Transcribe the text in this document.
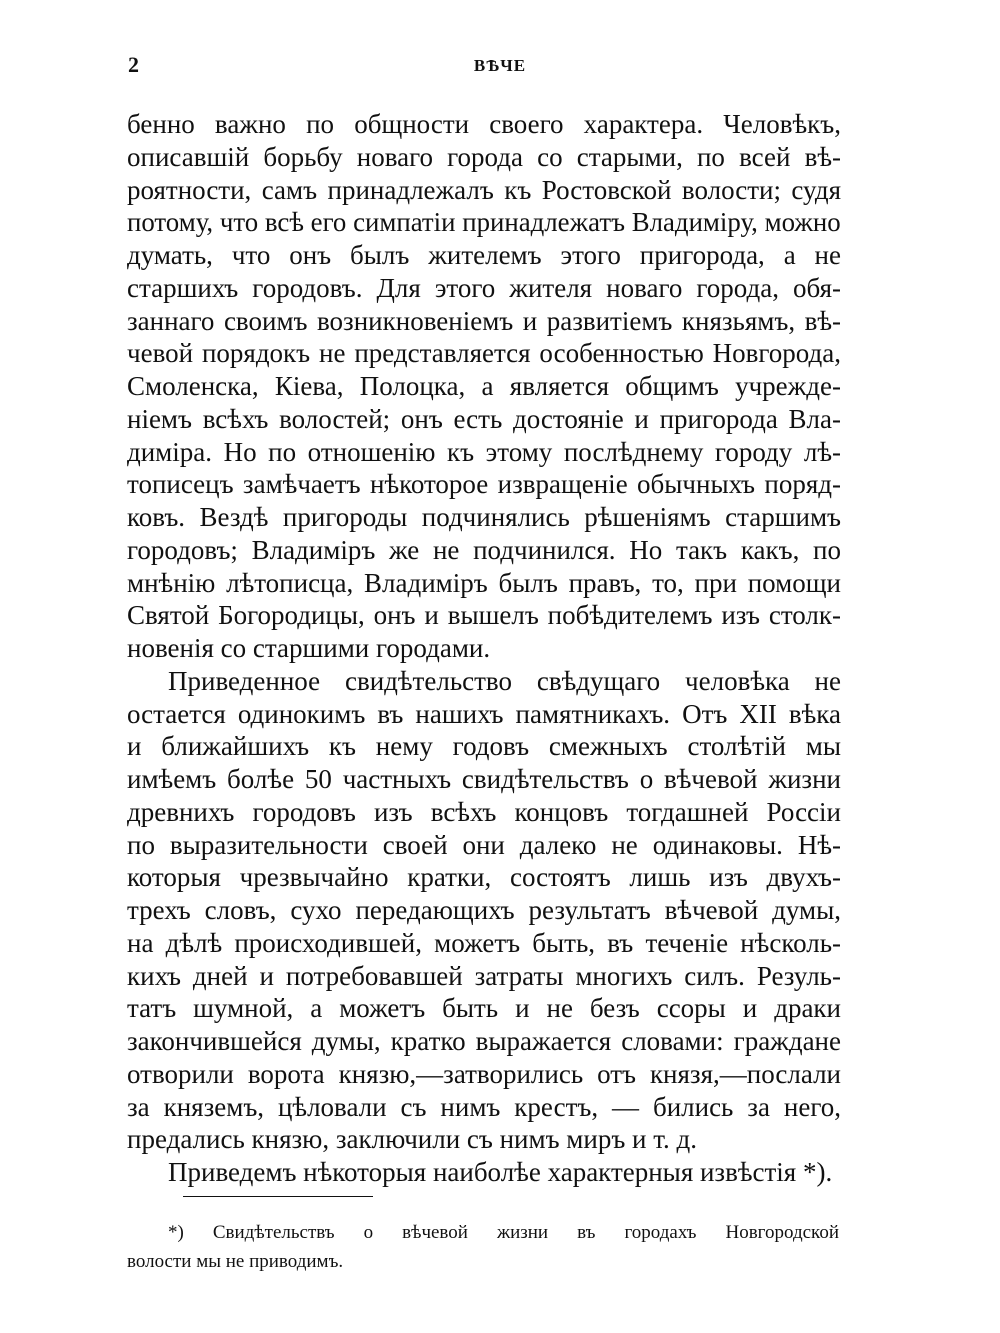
2	ВѢЧЕ
бенно важно по общности своего характера. Человѣкъ,
описавшій борьбу новаго города со старыми, по всей вѣ-
роятности, самъ принадлежалъ къ Ростовской волости; судя
потому, что всѣ его симпатіи принадлежатъ Владиміру, можно
думать, что онъ былъ жителемъ этого пригорода, а не
старшихъ городовъ. Для этого жителя новаго города, обя-
заннаго своимъ возникновеніемъ и развитіемъ князьямъ, вѣ-
чевой порядокъ не представляется особенностью Новгорода,
Смоленска, Кіева, Полоцка, а является общимъ учрежде-
ніемъ всѣхъ волостей; онъ есть достояніе и пригорода Вла-
диміра. Но по отношенію къ этому послѣднему городу лѣ-
тописецъ замѣчаетъ нѣкоторое извращеніе обычныхъ поряд-
ковъ. Вездѣ пригороды подчинялись рѣшеніямъ старшимъ
городовъ; Владиміръ же не подчинился. Но такъ какъ, по
мнѣнію лѣтописца, Владиміръ былъ правъ, то, при помощи
Святой Богородицы, онъ и вышелъ побѣдителемъ изъ столк-
новенія со старшими городами.
Приведенное свидѣтельство свѣдущаго человѣка не
остается одинокимъ въ нашихъ памятникахъ. Отъ XII вѣка
и ближайшихъ къ нему годовъ смежныхъ столѣтій мы
имѣемъ болѣе 50 частныхъ свидѣтельствъ о вѣчевой жизни
древнихъ городовъ изъ всѣхъ концовъ тогдашней Россіи
по выразительности своей они далеко не одинаковы. Нѣ-
которыя чрезвычайно кратки, состоятъ лишь изъ двухъ-
трехъ словъ, сухо передающихъ результатъ вѣчевой думы,
на дѣлѣ происходившей, можетъ быть, въ теченіе нѣсколь-
кихъ дней и потребовавшей затраты многихъ силъ. Резуль-
татъ шумной, а можетъ быть и не безъ ссоры и драки
закончившейся думы, кратко выражается словами: граждане
отворили ворота князю,—затворились отъ князя,—послали
за княземъ, цѣловали съ нимъ крестъ, — бились за него,
предались князю, заключили съ нимъ миръ и т. д.
Приведемъ нѣкоторыя наиболѣе характерныя извѣстія *).
*) Свидѣтельствъ о вѣчевой жизни въ городахъ Новгородской
волости мы не приводимъ.
